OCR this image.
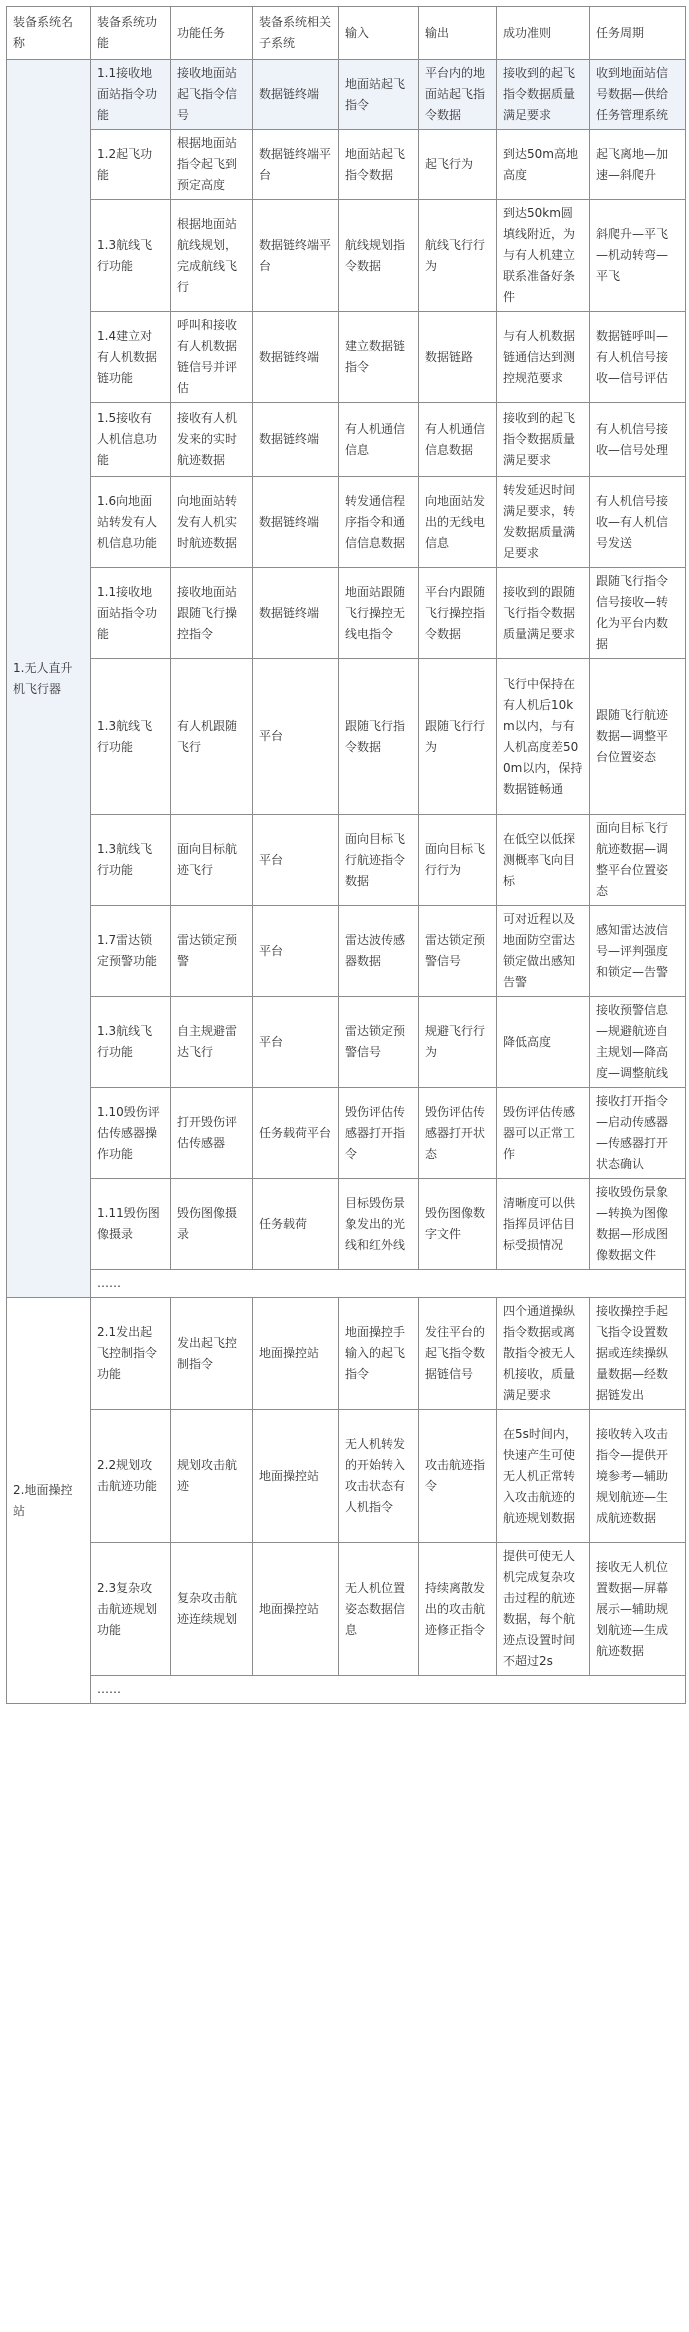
装备系统名称	装备系统功能	功能任务	装备系统相关子系统	输入	输出	成功准则	任务周期
1.无人直升机飞行器	1.1接收地面站指令功能	接收地面站起飞指令信号	数据链终端	地面站起飞指令	平台内的地面站起飞指令数据	接收到的起飞指令数据质量满足要求	收到地面站信号数据—供给任务管理系统
	1.2起飞功能	根据地面站指令起飞到预定高度	数据链终端平台	地面站起飞指令数据	起飞行为	到达50m高地高度	起飞离地—加速—斜爬升
	1.3航线飞行功能	根据地面站航线规划，完成航线飞行	数据链终端平台	航线规划指令数据	航线飞行行为	到达50km圆填线附近，为与有人机建立联系准备好条件	斜爬升—平飞—机动转弯—平飞
	1.4建立对有人机数据链功能	呼叫和接收有人机数据链信号并评估	数据链终端	建立数据链指令	数据链路	与有人机数据链通信达到测控规范要求	数据链呼叫—有人机信号接收—信号评估
	1.5接收有人机信息功能	接收有人机发来的实时航迹数据	数据链终端	有人机通信信息	有人机通信信息数据	接收到的起飞指令数据质量满足要求	有人机信号接收—信号处理
	1.6向地面站转发有人机信息功能	向地面站转发有人机实时航迹数据	数据链终端	转发通信程序指令和通信信息数据	向地面站发出的无线电信息	转发延迟时间满足要求，转发数据质量满足要求	有人机信号接收—有人机信号发送
	1.1接收地面站指令功能	接收地面站跟随飞行操控指令	数据链终端	地面站跟随飞行操控无线电指令	平台内跟随飞行操控指令数据	接收到的跟随飞行指令数据质量满足要求	跟随飞行指令信号接收—转化为平台内数据
	1.3航线飞行功能	有人机跟随飞行	平台	跟随飞行指令数据	跟随飞行行为	飞行中保持在有人机后10km以内，与有人机高度差500m以内，保持数据链畅通	跟随飞行航迹数据—调整平台位置姿态
	1.3航线飞行功能	面向目标航迹飞行	平台	面向目标飞行航迹指令数据	面向目标飞行行为	在低空以低探测概率飞向目标	面向目标飞行航迹数据—调整平台位置姿态
	1.7雷达锁定预警功能	雷达锁定预警	平台	雷达波传感器数据	雷达锁定预警信号	可对近程以及地面防空雷达锁定做出感知告警	感知雷达波信号—评判强度和锁定—告警
	1.3航线飞行功能	自主规避雷达飞行	平台	雷达锁定预警信号	规避飞行行为	降低高度	接收预警信息—规避航迹自主规划—降高度—调整航线
	1.10毁伤评估传感器操作功能	打开毁伤评估传感器	任务载荷平台	毁伤评估传感器打开指令	毁伤评估传感器打开状态	毁伤评估传感器可以正常工作	接收打开指令—启动传感器—传感器打开状态确认
	1.11毁伤图像摄录	毁伤图像摄录	任务载荷	目标毁伤景象发出的光线和红外线	毁伤图像数字文件	清晰度可以供指挥员评估目标受损情况	接收毁伤景象—转换为图像数据—形成图像数据文件
	……						
2.地面操控站	2.1发出起飞控制指令功能	发出起飞控制指令	地面操控站	地面操控手输入的起飞指令	发往平台的起飞指令数据链信号	四个通道操纵指令数据或离散指令被无人机接收，质量满足要求	接收操控手起飞指令设置数据或连续操纵量数据—经数据链发出
	2.2规划攻击航迹功能	规划攻击航迹	地面操控站	无人机转发的开始转入攻击状态有人机指令	攻击航迹指令	在5s时间内，快速产生可使无人机正常转入攻击航迹的航迹规划数据	接收转入攻击指令—提供开境参考—辅助规划航迹—生成航迹数据
	2.3复杂攻击航迹规划功能	复杂攻击航迹连续规划	地面操控站	无人机位置姿态数据信息	持续离散发出的攻击航迹修正指令	提供可使无人机完成复杂攻击过程的航迹数据，每个航迹点设置时间不超过2s	接收无人机位置数据—屏幕展示—辅助规划航迹—生成航迹数据
	……						
